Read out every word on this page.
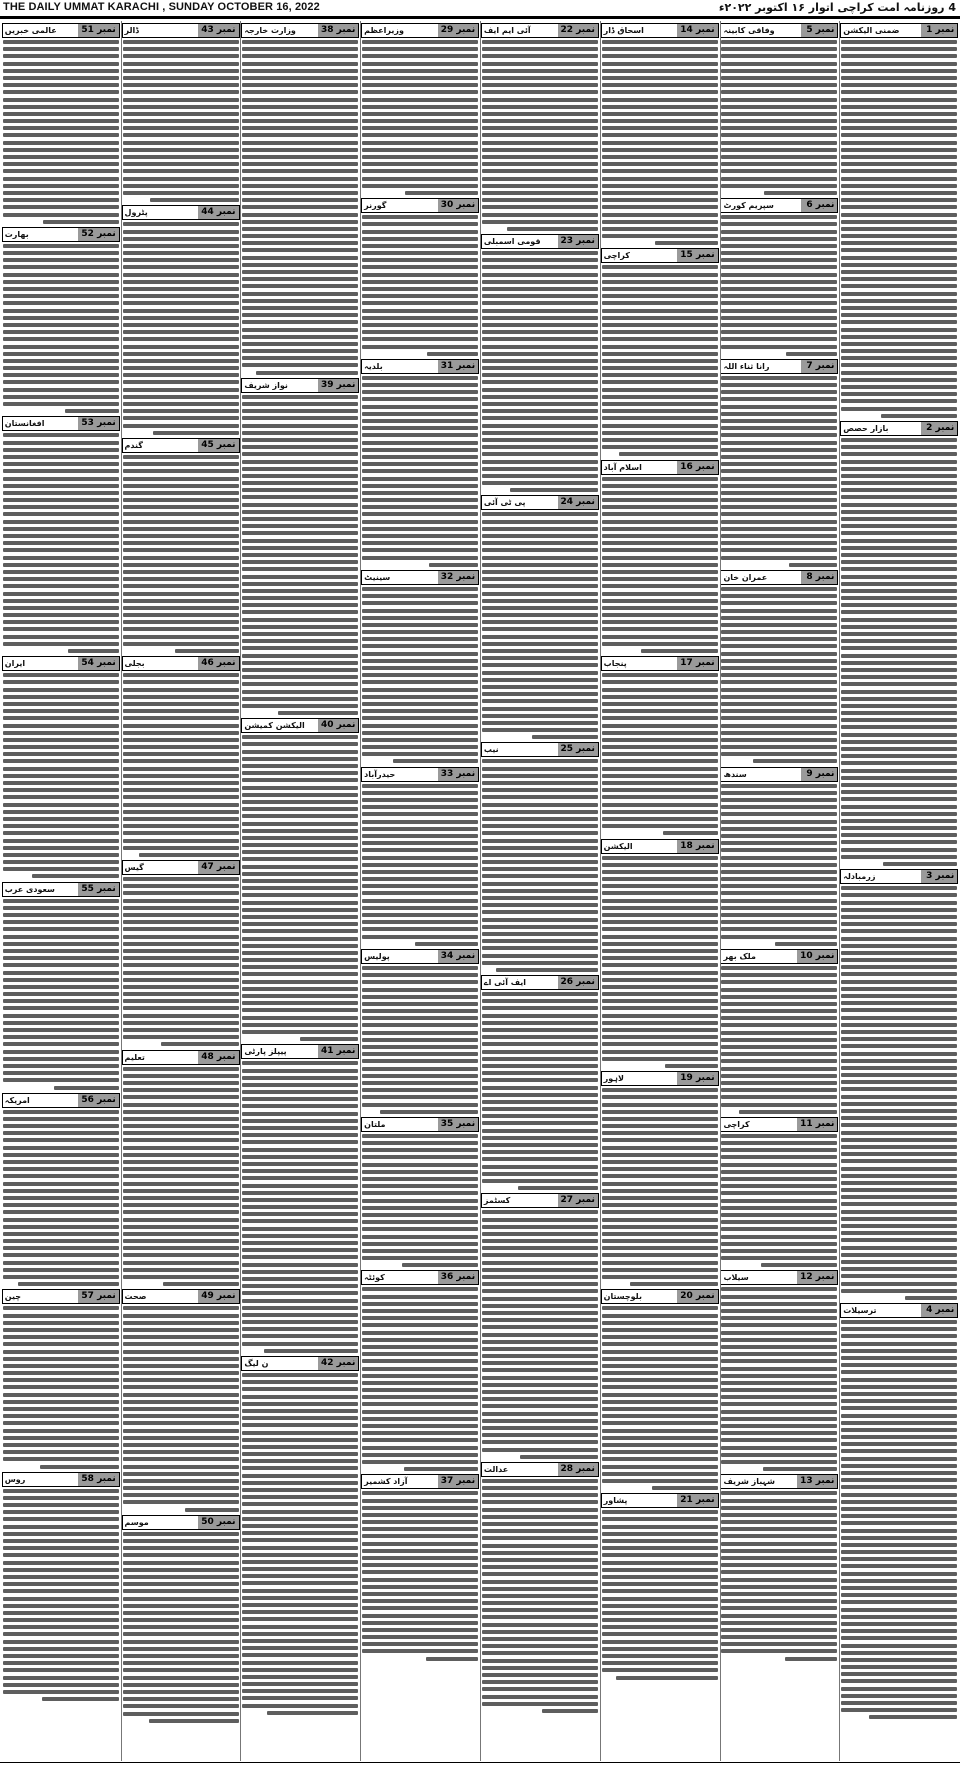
THE DAILY UMMAT KARACHI , SUNDAY OCTOBER 16, 2022	4 روزنامہ امت کراچی اتوار ۱۶ اکتوبر ۲۰۲۲ء
نمبر 1
ضمنی الیکشن
نمبر 2
بازار حصص
نمبر 3
زرمبادلہ
نمبر 4
ترسیلات
نمبر 5
وفاقی کابینہ
نمبر 6
سپریم کورٹ
نمبر 7
رانا ثناء اللہ
نمبر 8
عمران خان
نمبر 9
سندھ
نمبر 10
ملک بھر
نمبر 11
کراچی
نمبر 12
سیلاب
نمبر 13
شہباز شریف
نمبر 14
اسحاق ڈار
نمبر 15
کراچی
نمبر 16
اسلام آباد
نمبر 17
پنجاب
نمبر 18
الیکشن
نمبر 19
لاہور
نمبر 20
بلوچستان
نمبر 21
پشاور
نمبر 22
آئی ایم ایف
نمبر 23
قومی اسمبلی
نمبر 24
پی ٹی آئی
نمبر 25
نیب
نمبر 26
ایف آئی اے
نمبر 27
کسٹمز
نمبر 28
عدالت
نمبر 29
وزیراعظم
نمبر 30
گورنر
نمبر 31
بلدیہ
نمبر 32
سینیٹ
نمبر 33
حیدرآباد
نمبر 34
پولیس
نمبر 35
ملتان
نمبر 36
کوئٹہ
نمبر 37
آزاد کشمیر
نمبر 38
وزارت خارجہ
نمبر 39
نواز شریف
نمبر 40
الیکشن کمیشن
نمبر 41
پیپلز پارٹی
نمبر 42
ن لیگ
نمبر 43
ڈالر
نمبر 44
پٹرول
نمبر 45
گندم
نمبر 46
بجلی
نمبر 47
گیس
نمبر 48
تعلیم
نمبر 49
صحت
نمبر 50
موسم
نمبر 51
عالمی خبریں
نمبر 52
بھارت
نمبر 53
افغانستان
نمبر 54
ایران
نمبر 55
سعودی عرب
نمبر 56
امریکہ
نمبر 57
چین
نمبر 58
روس
